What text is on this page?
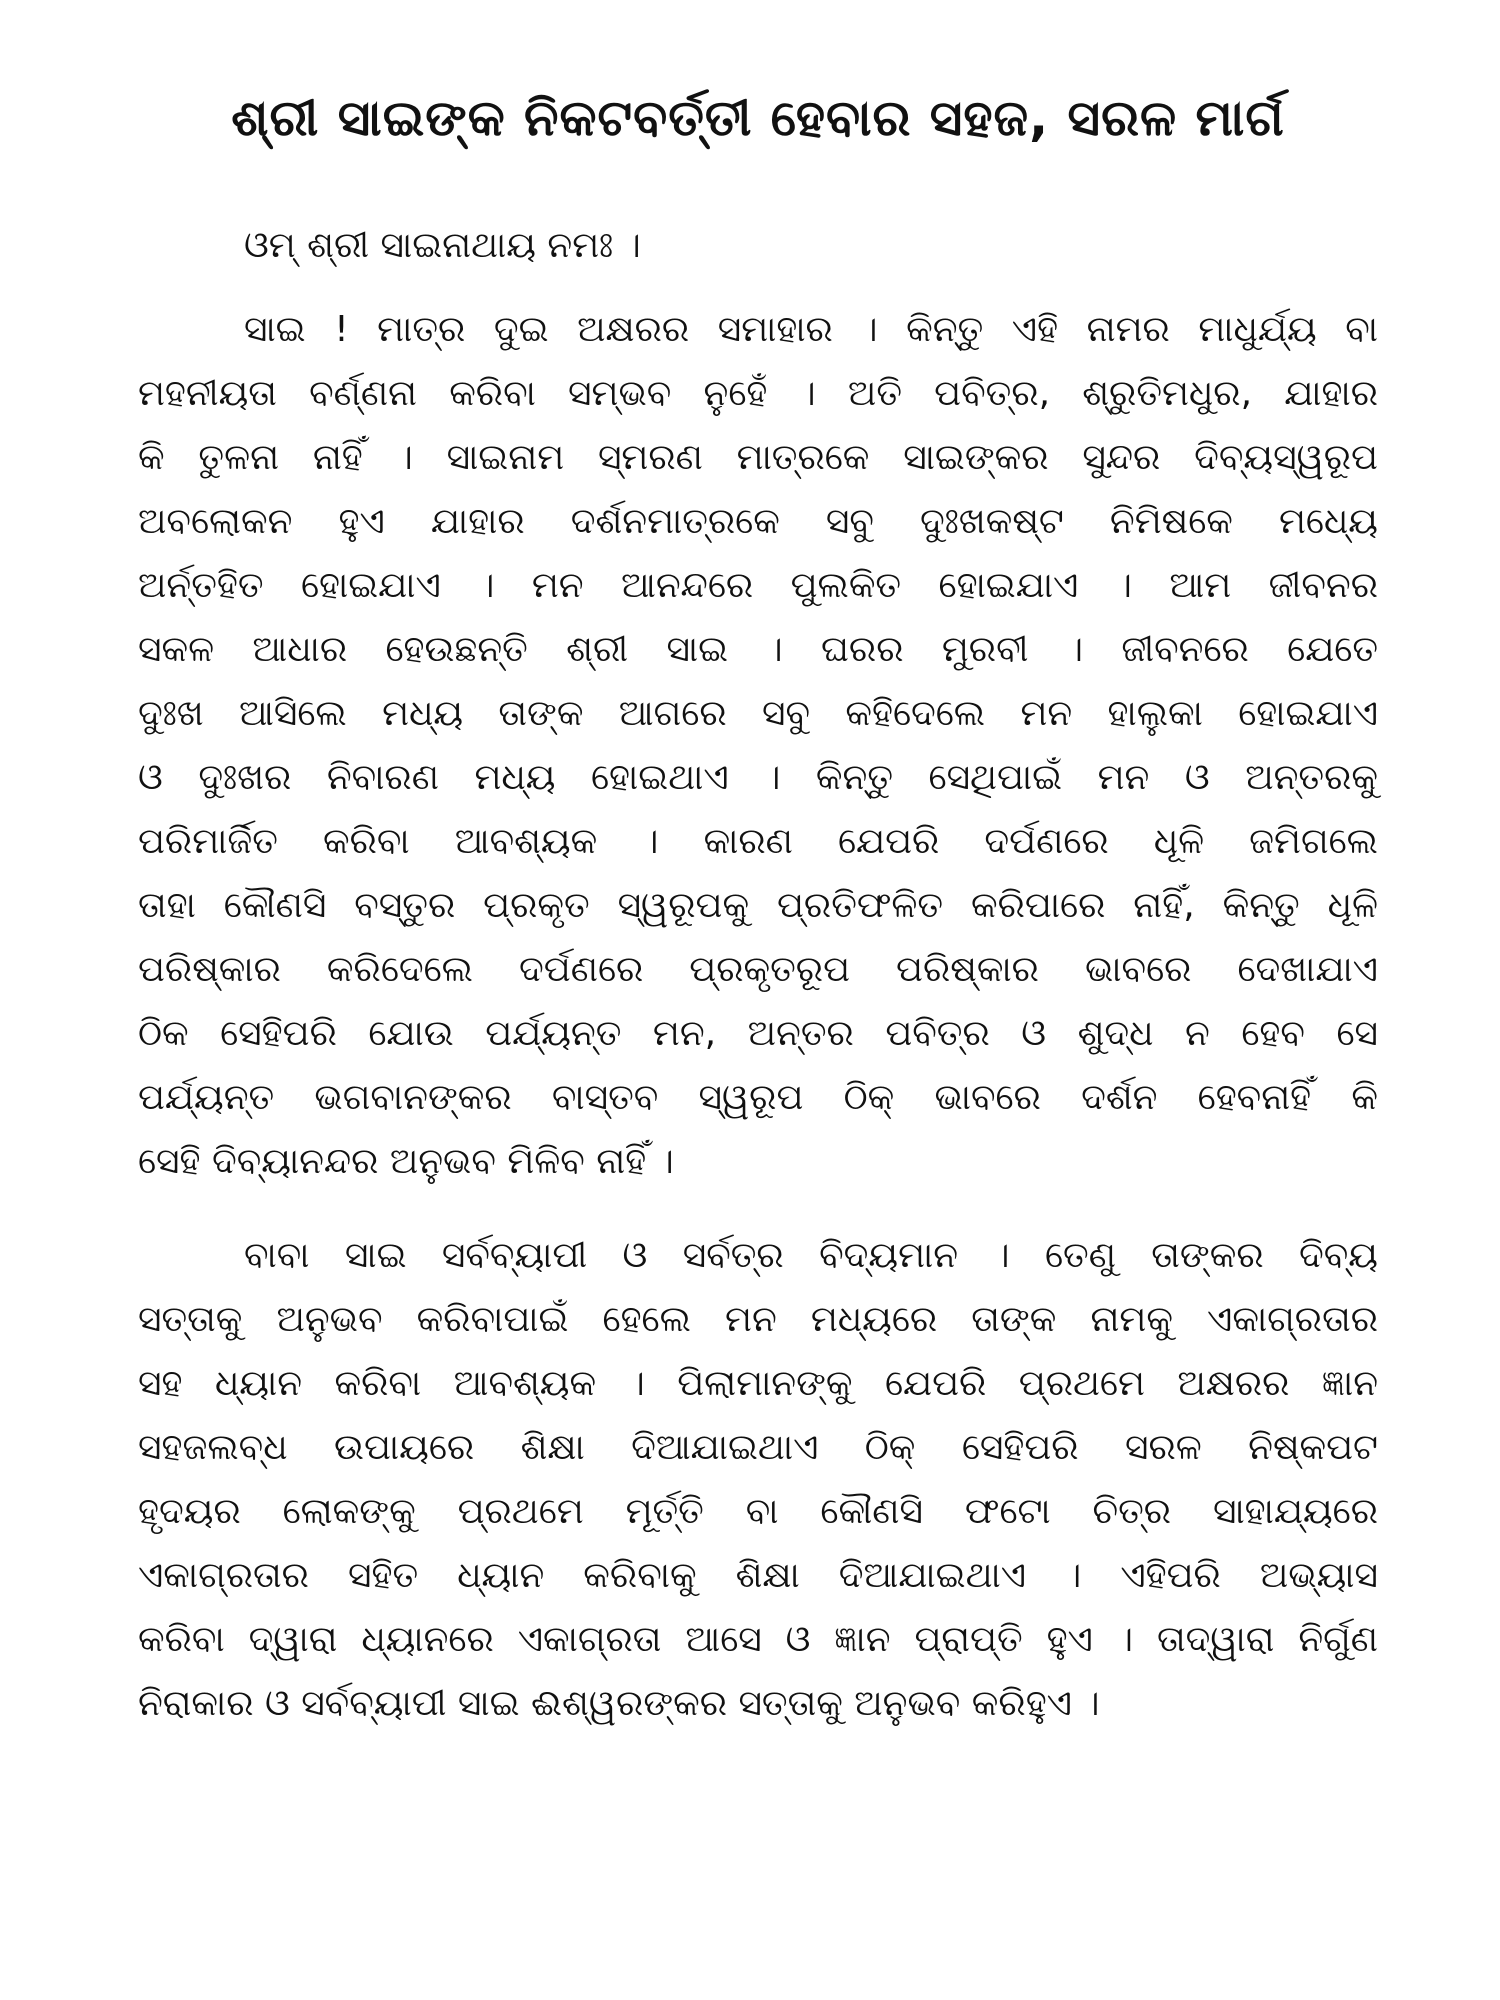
ଶ୍ରୀ ସାଇଙ୍କ ନିକଟବର୍ତ୍ତୀ ହେବାର ସହଜ, ସରଳ ମାର୍ଗ

ଓମ୍ ଶ୍ରୀ ସାଇନାଥାୟ ନମଃ ।

ସାଇ ! ମାତ୍ର ଦୁଇ ଅକ୍ଷରର ସମାହାର । କିନ୍ତୁ ଏହି ନାମର ମାଧୁର୍ଯ୍ୟ ବା
ମହନୀୟତା ବର୍ଣ୍ଣନା କରିବା ସମ୍ଭବ ନୁହେଁ । ଅତି ପବିତ୍ର, ଶ୍ରୁତିମଧୁର, ଯାହାର
କି ତୁଳନା ନାହିଁ । ସାଇନାମ ସ୍ମରଣ ମାତ୍ରକେ ସାଇଙ୍କର ସୁନ୍ଦର ଦିବ୍ୟସ୍ୱରୂପ
ଅବଲୋକନ ହୁଏ ଯାହାର ଦର୍ଶନମାତ୍ରକେ ସବୁ ଦୁଃଖକଷ୍ଟ ନିମିଷକେ ମଧ୍ୟେ
ଅର୍ନ୍ତହିତ ହୋଇଯାଏ । ମନ ଆନନ୍ଦରେ ପୁଲକିତ ହୋଇଯାଏ । ଆମ ଜୀବନର
ସକଳ ଆଧାର ହେଉଛନ୍ତି ଶ୍ରୀ ସାଇ । ଘରର ମୁରବୀ । ଜୀବନରେ ଯେତେ
ଦୁଃଖ ଆସିଲେ ମଧ୍ୟ ତାଙ୍କ ଆଗରେ ସବୁ କହିଦେଲେ ମନ ହାଲୁକା ହୋଇଯାଏ
ଓ ଦୁଃଖର ନିବାରଣ ମଧ୍ୟ ହୋଇଥାଏ । କିନ୍ତୁ ସେଥିପାଇଁ ମନ ଓ ଅନ୍ତରକୁ
ପରିମାର୍ଜିତ କରିବା ଆବଶ୍ୟକ । କାରଣ ଯେପରି ଦର୍ପଣରେ ଧୂଳି ଜମିଗଲେ
ତାହା କୌଣସି ବସ୍ତୁର ପ୍ରକୃତ ସ୍ୱରୂପକୁ ପ୍ରତିଫଳିତ କରିପାରେ ନାହିଁ, କିନ୍ତୁ ଧୂଳି
ପରିଷ୍କାର କରିଦେଲେ ଦର୍ପଣରେ ପ୍ରକୃତରୂପ ପରିଷ୍କାର ଭାବରେ ଦେଖାଯାଏ
ଠିକ ସେହିପରି ଯୋଉ ପର୍ଯ୍ୟନ୍ତ ମନ, ଅନ୍ତର ପବିତ୍ର ଓ ଶୁଦ୍ଧ ନ ହେବ ସେ
ପର୍ଯ୍ୟନ୍ତ ଭଗବାନଙ୍କର ବାସ୍ତବ ସ୍ୱରୂପ ଠିକ୍ ଭାବରେ ଦର୍ଶନ ହେବନାହିଁ କି
ସେହି ଦିବ୍ୟାନନ୍ଦର ଅନୁଭବ ମିଳିବ ନାହିଁ ।
ବାବା ସାଇ ସର୍ବବ୍ୟାପୀ ଓ ସର୍ବତ୍ର ବିଦ୍ୟମାନ । ତେଣୁ ତାଙ୍କର ଦିବ୍ୟ
ସତ୍ତାକୁ ଅନୁଭବ କରିବାପାଇଁ ହେଲେ ମନ ମଧ୍ୟରେ ତାଙ୍କ ନାମକୁ ଏକାଗ୍ରତାର
ସହ ଧ୍ୟାନ କରିବା ଆବଶ୍ୟକ । ପିଲାମାନଙ୍କୁ ଯେପରି ପ୍ରଥମେ ଅକ୍ଷରର ଜ୍ଞାନ
ସହଜଲବ୍ଧ ଉପାୟରେ ଶିକ୍ଷା ଦିଆଯାଇଥାଏ ଠିକ୍ ସେହିପରି ସରଳ ନିଷ୍କପଟ
ହୃଦୟର ଲୋକଙ୍କୁ ପ୍ରଥମେ ମୂର୍ତ୍ତି ବା କୌଣସି ଫଟୋ ଚିତ୍ର ସାହାଯ୍ୟରେ
ଏକାଗ୍ରତାର ସହିତ ଧ୍ୟାନ କରିବାକୁ ଶିକ୍ଷା ଦିଆଯାଇଥାଏ । ଏହିପରି ଅଭ୍ୟାସ
କରିବା ଦ୍ୱାରା ଧ୍ୟାନରେ ଏକାଗ୍ରତା ଆସେ ଓ ଜ୍ଞାନ ପ୍ରାପ୍ତି ହୁଏ । ତାଦ୍ୱାରା ନିର୍ଗୁଣ
ନିରାକାର ଓ ସର୍ବବ୍ୟାପୀ ସାଇ ଈଶ୍ୱରଙ୍କର ସତ୍ତାକୁ ଅନୁଭବ କରିହୁଏ ।
